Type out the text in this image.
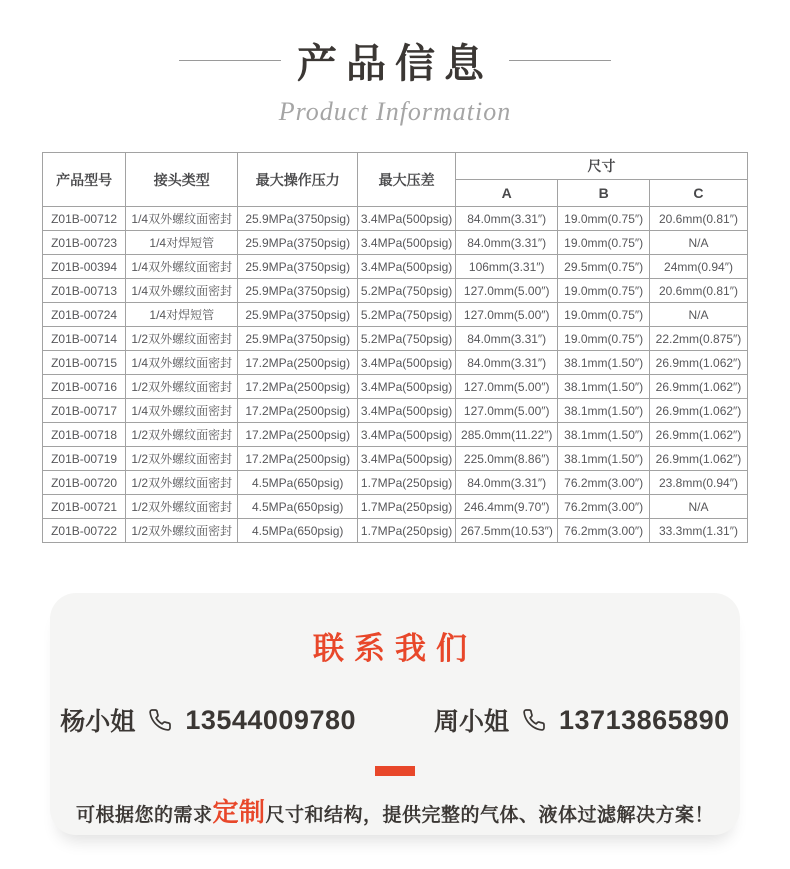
产品信息
Product Information
产品型号	接头类型	最大操作压力	最大压差	尺寸		
				A	B	C
Z01B-00712	1/4双外螺纹面密封	25.9MPa(3750psig)	3.4MPa(500psig)	84.0mm(3.31″)	19.0mm(0.75″)	20.6mm(0.81″)
Z01B-00723	1/4对焊短管	25.9MPa(3750psig)	3.4MPa(500psig)	84.0mm(3.31″)	19.0mm(0.75″)	N/A
Z01B-00394	1/4双外螺纹面密封	25.9MPa(3750psig)	3.4MPa(500psig)	106mm(3.31″)	29.5mm(0.75″)	24mm(0.94″)
Z01B-00713	1/4双外螺纹面密封	25.9MPa(3750psig)	5.2MPa(750psig)	127.0mm(5.00″)	19.0mm(0.75″)	20.6mm(0.81″)
Z01B-00724	1/4对焊短管	25.9MPa(3750psig)	5.2MPa(750psig)	127.0mm(5.00″)	19.0mm(0.75″)	N/A
Z01B-00714	1/2双外螺纹面密封	25.9MPa(3750psig)	5.2MPa(750psig)	84.0mm(3.31″)	19.0mm(0.75″)	22.2mm(0.875″)
Z01B-00715	1/4双外螺纹面密封	17.2MPa(2500psig)	3.4MPa(500psig)	84.0mm(3.31″)	38.1mm(1.50″)	26.9mm(1.062″)
Z01B-00716	1/2双外螺纹面密封	17.2MPa(2500psig)	3.4MPa(500psig)	127.0mm(5.00″)	38.1mm(1.50″)	26.9mm(1.062″)
Z01B-00717	1/4双外螺纹面密封	17.2MPa(2500psig)	3.4MPa(500psig)	127.0mm(5.00″)	38.1mm(1.50″)	26.9mm(1.062″)
Z01B-00718	1/2双外螺纹面密封	17.2MPa(2500psig)	3.4MPa(500psig)	285.0mm(11.22″)	38.1mm(1.50″)	26.9mm(1.062″)
Z01B-00719	1/2双外螺纹面密封	17.2MPa(2500psig)	3.4MPa(500psig)	225.0mm(8.86″)	38.1mm(1.50″)	26.9mm(1.062″)
Z01B-00720	1/2双外螺纹面密封	4.5MPa(650psig)	1.7MPa(250psig)	84.0mm(3.31″)	76.2mm(3.00″)	23.8mm(0.94″)
Z01B-00721	1/2双外螺纹面密封	4.5MPa(650psig)	1.7MPa(250psig)	246.4mm(9.70″)	76.2mm(3.00″)	N/A
Z01B-00722	1/2双外螺纹面密封	4.5MPa(650psig)	1.7MPa(250psig)	267.5mm(10.53″)	76.2mm(3.00″)	33.3mm(1.31″)
联系我们
杨小姐 13544009780	周小姐 13713865890

可根据您的需求定制尺寸和结构，提供完整的气体、液体过滤解决方案！
